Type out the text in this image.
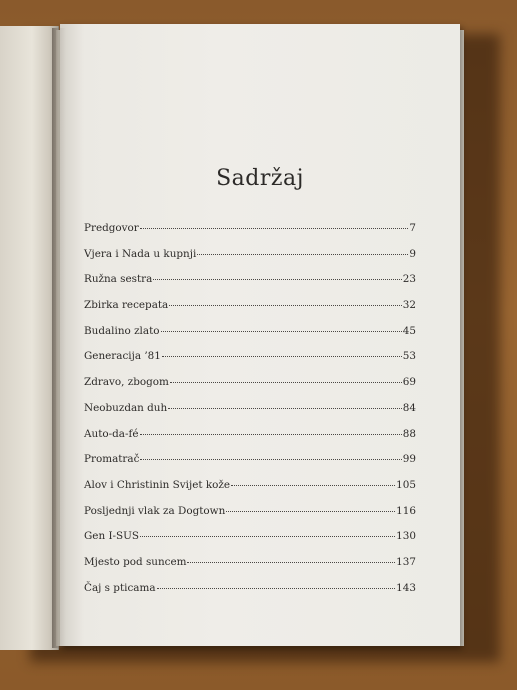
Sadržaj
Predgovor	7
Vjera i Nada u kupnji	9
Ružna sestra	23
Zbirka recepata	32
Budalino zlato	45
Generacija ’81	53
Zdravo, zbogom	69
Neobuzdan duh	84
Auto-da-fé	88
Promatrač	99
Alov i Christinin Svijet kože	105
Posljednji vlak za Dogtown	116
Gen I-SUS	130
Mjesto pod suncem	137
Čaj s pticama	143
